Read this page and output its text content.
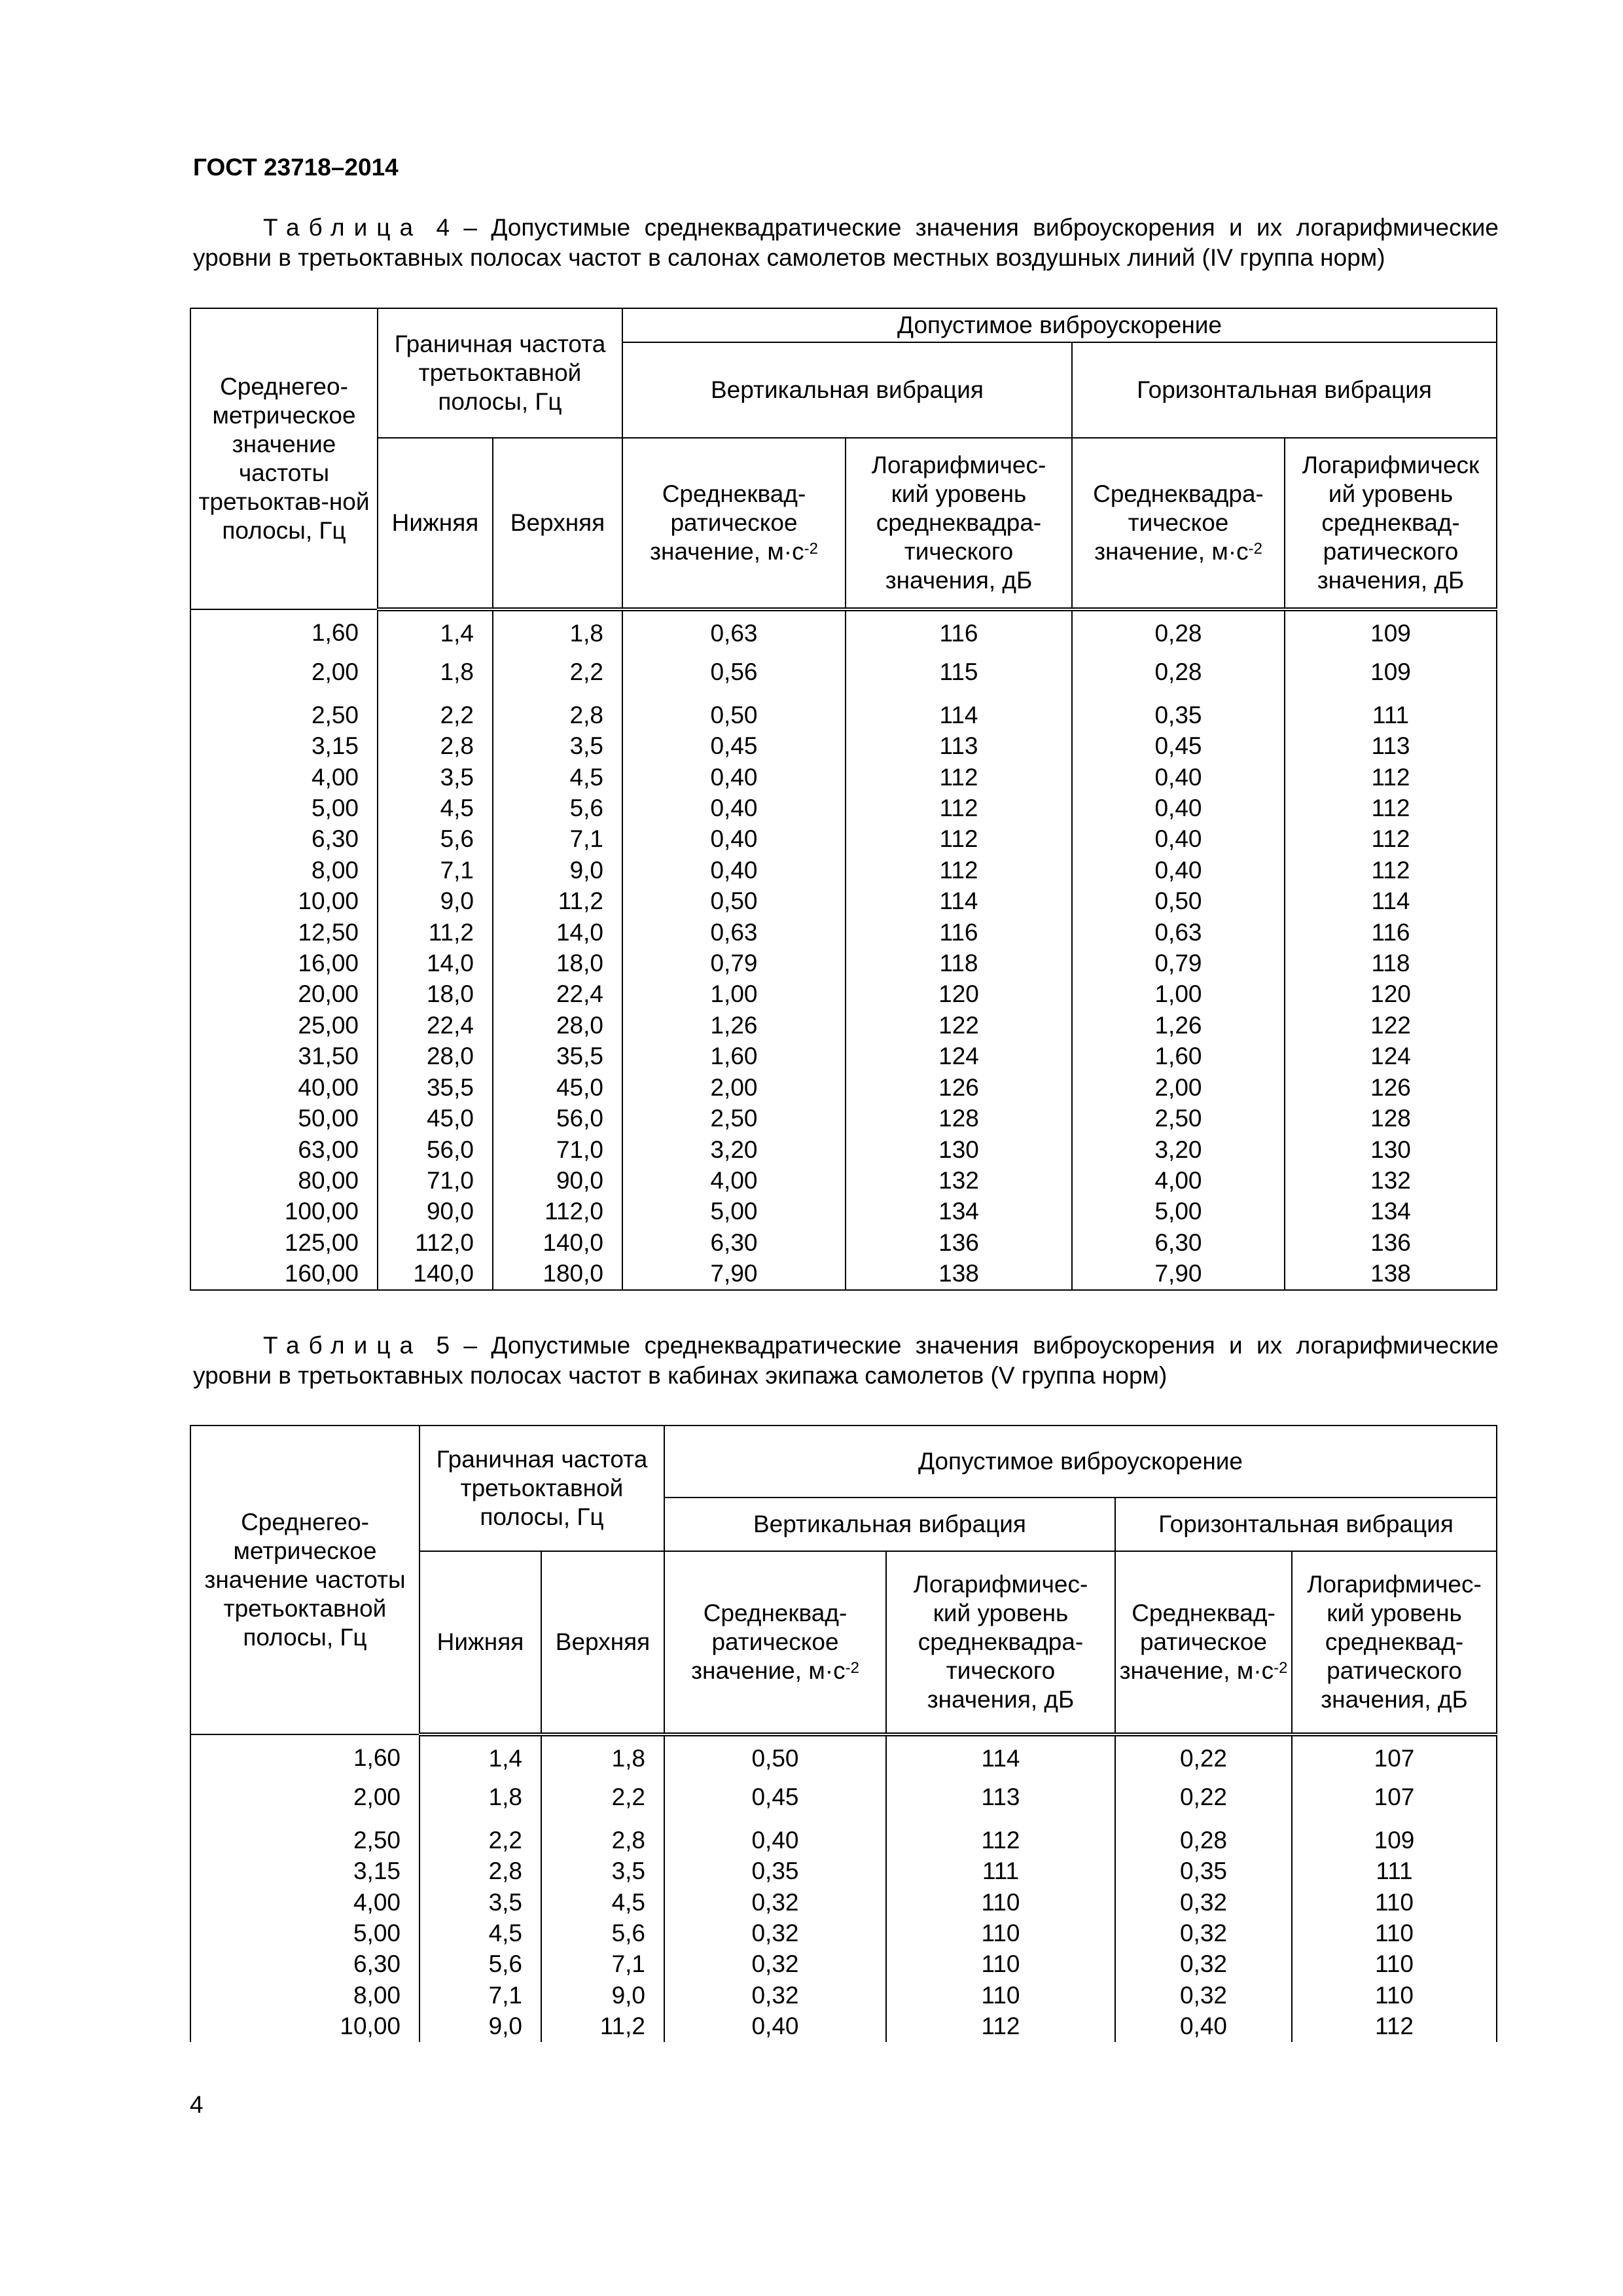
ГОСТ 23718–2014
Таблица 4 – Допустимые среднеквадратические значения виброускорения и их логарифмические уровни в третьоктавных полосах частот в салонах самолетов местных воздушных линий (IV группа норм)
Среднегео-метрическое значение частоты третьоктав-ной полосы, Гц	Граничная частота третьоктавной полосы, Гц		Допустимое виброускорение			
			Вертикальная вибрация		Горизонтальная вибрация	
	Нижняя	Верхняя	Среднеквад-ратическое значение, $м\cdot с^{-2}$	Логарифмичес-кий уровень среднеквадра-тического значения, дБ	Среднеквадра-тическое значение, $м\cdot с^{-2}$	Логарифмическ ий уровень среднеквад-ратического значения, дБ
1,60	1,4	1,8	0,63	116	0,28	109
2,00	1,8	2,2	0,56	115	0,28	109
2,50	2,2	2,8	0,50	114	0,35	111
3,15	2,8	3,5	0,45	113	0,45	113
4,00	3,5	4,5	0,40	112	0,40	112
5,00	4,5	5,6	0,40	112	0,40	112
6,30	5,6	7,1	0,40	112	0,40	112
8,00	7,1	9,0	0,40	112	0,40	112
10,00	9,0	11,2	0,50	114	0,50	114
12,50	11,2	14,0	0,63	116	0,63	116
16,00	14,0	18,0	0,79	118	0,79	118
20,00	18,0	22,4	1,00	120	1,00	120
25,00	22,4	28,0	1,26	122	1,26	122
31,50	28,0	35,5	1,60	124	1,60	124
40,00	35,5	45,0	2,00	126	2,00	126
50,00	45,0	56,0	2,50	128	2,50	128
63,00	56,0	71,0	3,20	130	3,20	130
80,00	71,0	90,0	4,00	132	4,00	132
100,00	90,0	112,0	5,00	134	5,00	134
125,00	112,0	140,0	6,30	136	6,30	136
160,00	140,0	180,0	7,90	138	7,90	138
Таблица 5 – Допустимые среднеквадратические значения виброускорения и их логарифмические уровни в третьоктавных полосах частот в кабинах экипажа самолетов (V группа норм)
Среднегео-метрическое значение частоты третьоктавной полосы, Гц	Граничная частота третьоктавной полосы, Гц		Допустимое виброускорение			
			Вертикальная вибрация		Горизонтальная вибрация	
	Нижняя	Верхняя	Среднеквад-ратическое значение, $м\cdot с^{-2}$	Логарифмичес-кий уровень среднеквадра-тического значения, дБ	Среднеквад-ратическое значение, $м\cdot с^{-2}$	Логарифмичес-кий уровень среднеквад-ратического значения, дБ
1,60	1,4	1,8	0,50	114	0,22	107
2,00	1,8	2,2	0,45	113	0,22	107
2,50	2,2	2,8	0,40	112	0,28	109
3,15	2,8	3,5	0,35	111	0,35	111
4,00	3,5	4,5	0,32	110	0,32	110
5,00	4,5	5,6	0,32	110	0,32	110
6,30	5,6	7,1	0,32	110	0,32	110
8,00	7,1	9,0	0,32	110	0,32	110
10,00	9,0	11,2	0,40	112	0,40	112
4
